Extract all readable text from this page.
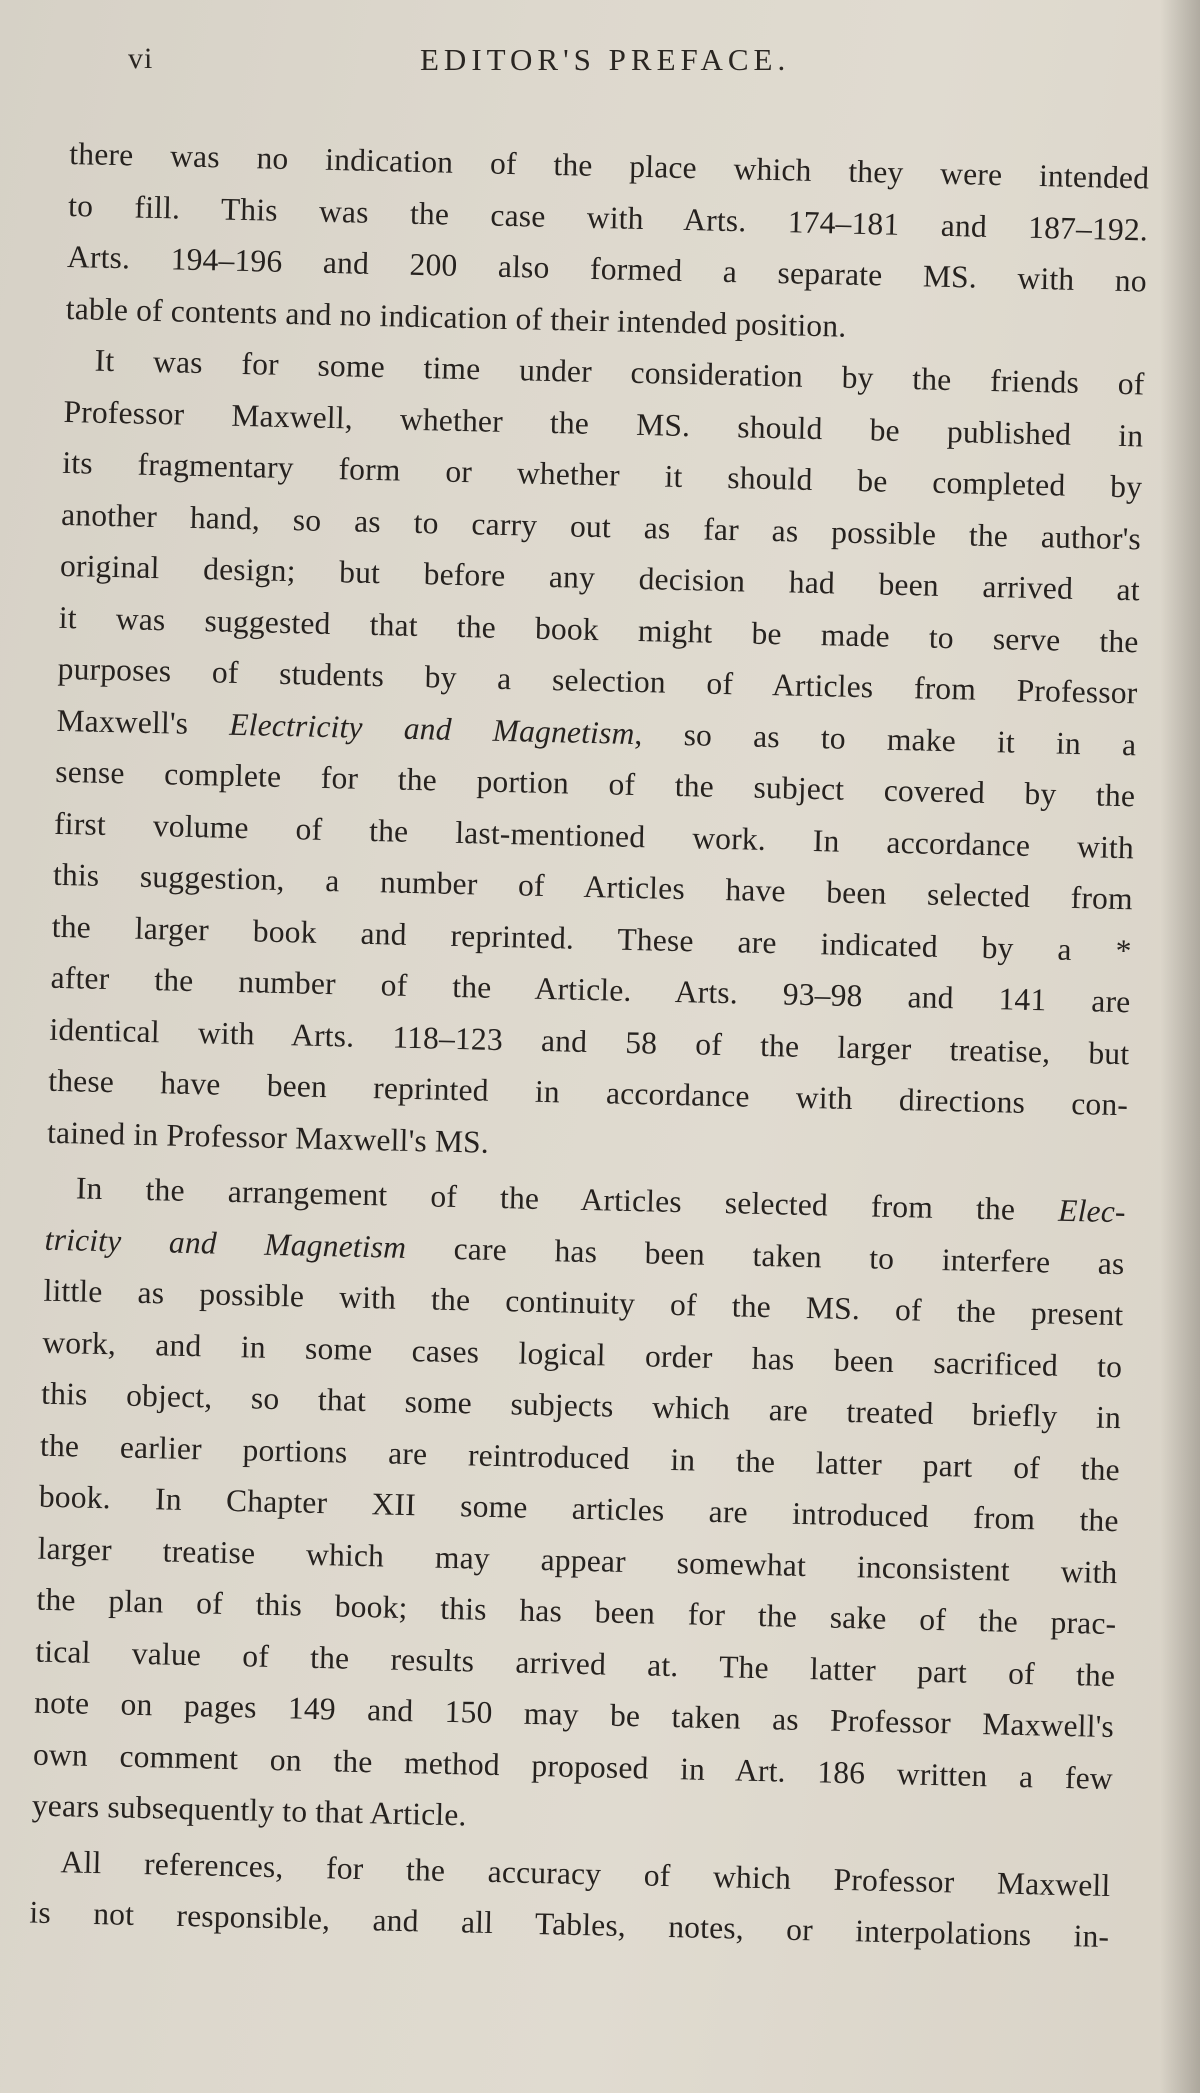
vi	EDITOR'S PREFACE.
there was no indication of the place which they were intended
to fill. This was the case with Arts. 174–181 and 187–192.
Arts. 194–196 and 200 also formed a separate MS. with no
table of contents and no indication of their intended position.
It was for some time under consideration by the friends of
Professor Maxwell, whether the MS. should be published in
its fragmentary form or whether it should be completed by
another hand, so as to carry out as far as possible the author's
original design; but before any decision had been arrived at
it was suggested that the book might be made to serve the
purposes of students by a selection of Articles from Professor
Maxwell's Electricity and Magnetism, so as to make it in a
sense complete for the portion of the subject covered by the
first volume of the last-mentioned work. In accordance with
this suggestion, a number of Articles have been selected from
the larger book and reprinted. These are indicated by a *
after the number of the Article. Arts. 93–98 and 141 are
identical with Arts. 118–123 and 58 of the larger treatise, but
these have been reprinted in accordance with directions con-
tained in Professor Maxwell's MS.
In the arrangement of the Articles selected from the Elec-
tricity and Magnetism care has been taken to interfere as
little as possible with the continuity of the MS. of the present
work, and in some cases logical order has been sacrificed to
this object, so that some subjects which are treated briefly in
the earlier portions are reintroduced in the latter part of the
book. In Chapter XII some articles are introduced from the
larger treatise which may appear somewhat inconsistent with
the plan of this book; this has been for the sake of the prac-
tical value of the results arrived at. The latter part of the
note on pages 149 and 150 may be taken as Professor Maxwell's
own comment on the method proposed in Art. 186 written a few
years subsequently to that Article.
All references, for the accuracy of which Professor Maxwell
is not responsible, and all Tables, notes, or interpolations in-
